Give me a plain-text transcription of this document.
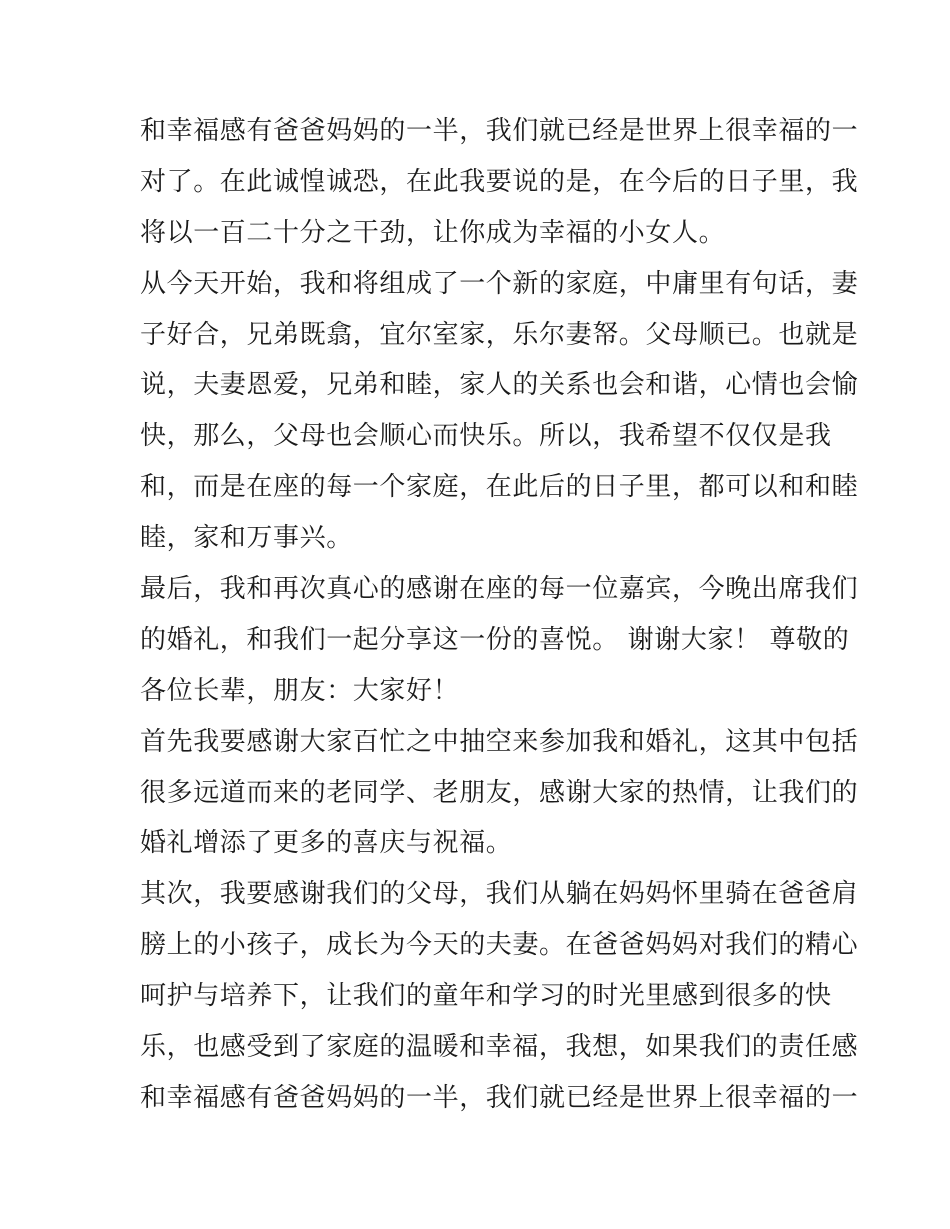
和幸福感有爸爸妈妈的一半，我们就已经是世界上很幸福的一
对了。在此诚惶诚恐，在此我要说的是，在今后的日子里，我
将以一百二十分之干劲，让你成为幸福的小女人。
从今天开始，我和将组成了一个新的家庭，中庸里有句话，妻
子好合，兄弟既翕，宜尔室家，乐尔妻帑。父母顺已。也就是
说，夫妻恩爱，兄弟和睦，家人的关系也会和谐，心情也会愉
快，那么，父母也会顺心而快乐。所以，我希望不仅仅是我
和，而是在座的每一个家庭，在此后的日子里，都可以和和睦
睦，家和万事兴。
最后，我和再次真心的感谢在座的每一位嘉宾，今晚出席我们
的婚礼，和我们一起分享这一份的喜悦。 谢谢大家！ 尊敬的
各位长辈，朋友：大家好！
首先我要感谢大家百忙之中抽空来参加我和婚礼，这其中包括
很多远道而来的老同学、老朋友，感谢大家的热情，让我们的
婚礼增添了更多的喜庆与祝福。
其次，我要感谢我们的父母，我们从躺在妈妈怀里骑在爸爸肩
膀上的小孩子，成长为今天的夫妻。在爸爸妈妈对我们的精心
呵护与培养下，让我们的童年和学习的时光里感到很多的快
乐，也感受到了家庭的温暖和幸福，我想，如果我们的责任感
和幸福感有爸爸妈妈的一半，我们就已经是世界上很幸福的一
